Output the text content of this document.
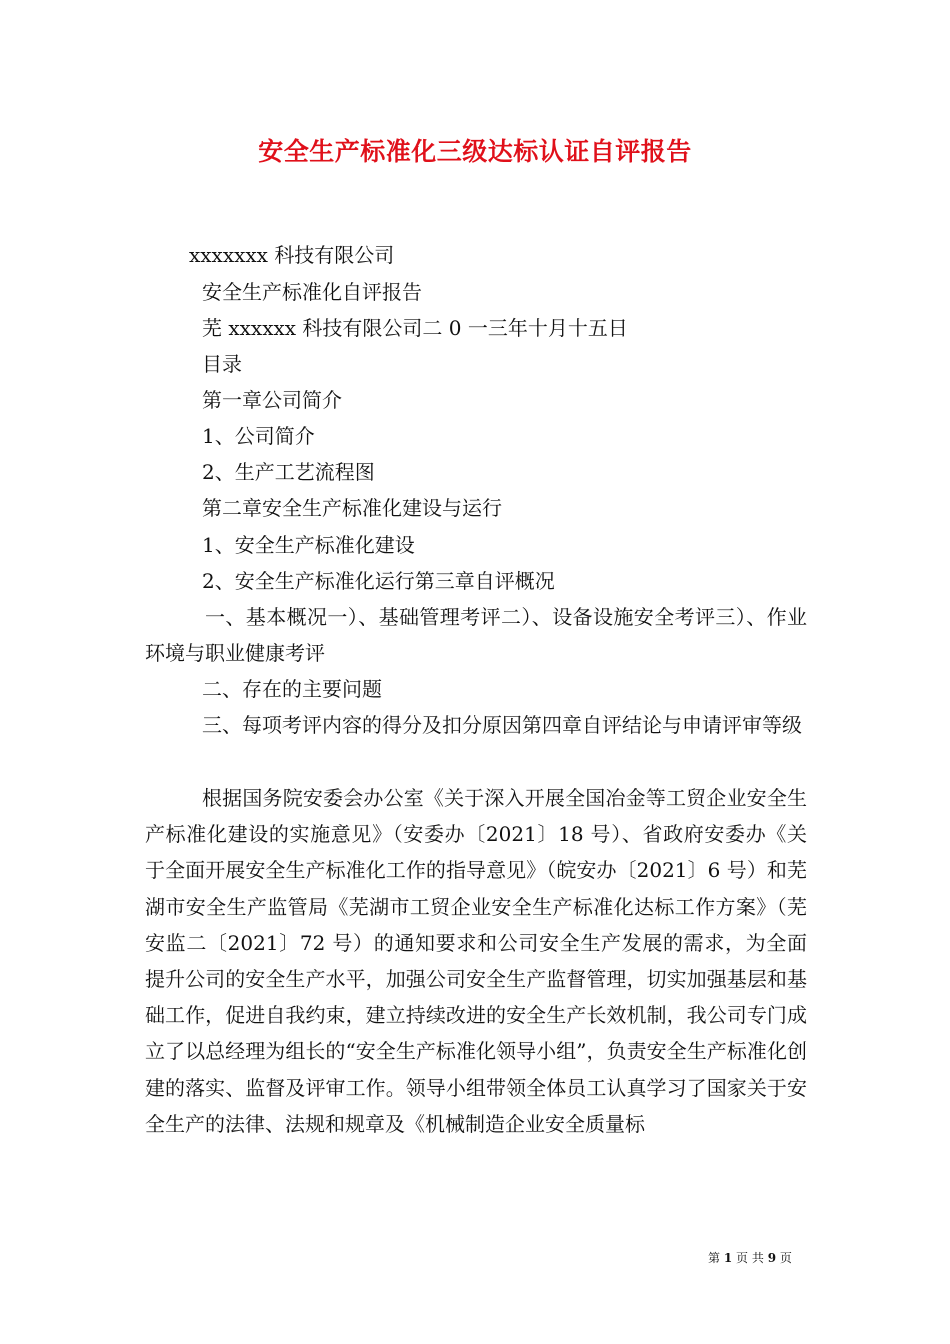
安全生产标准化三级达标认证自评报告
xxxxxxx 科技有限公司
安全生产标准化自评报告
芜 xxxxxx 科技有限公司二 0 一三年十月十五日
目录
第一章公司简介
1、公司简介
2、生产工艺流程图
第二章安全生产标准化建设与运行
1、安全生产标准化建设
2、安全生产标准化运行第三章自评概况
一、基本概况一）、基础管理考评二）、设备设施安全考评三）、作业环境与职业健康考评
二、存在的主要问题
三、每项考评内容的得分及扣分原因第四章自评结论与申请评审等级
根据国务院安委会办公室《关于深入开展全国冶金等工贸企业安全生产标准化建设的实施意见》（安委办〔2021〕18 号）、省政府安委办《关于全面开展安全生产标准化工作的指导意见》（皖安办〔2021〕6 号）和芜湖市安全生产监管局《芜湖市工贸企业安全生产标准化达标工作方案》（芜安监二〔2021〕72 号）的通知要求和公司安全生产发展的需求，为全面提升公司的安全生产水平，加强公司安全生产监督管理，切实加强基层和基础工作，促进自我约束，建立持续改进的安全生产长效机制，我公司专门成立了以总经理为组长的“安全生产标准化领导小组”，负责安全生产标准化创建的落实、监督及评审工作。领导小组带领全体员工认真学习了国家关于安全生产的法律、法规和规章及《机械制造企业安全质量标
第 1 页 共 9 页
